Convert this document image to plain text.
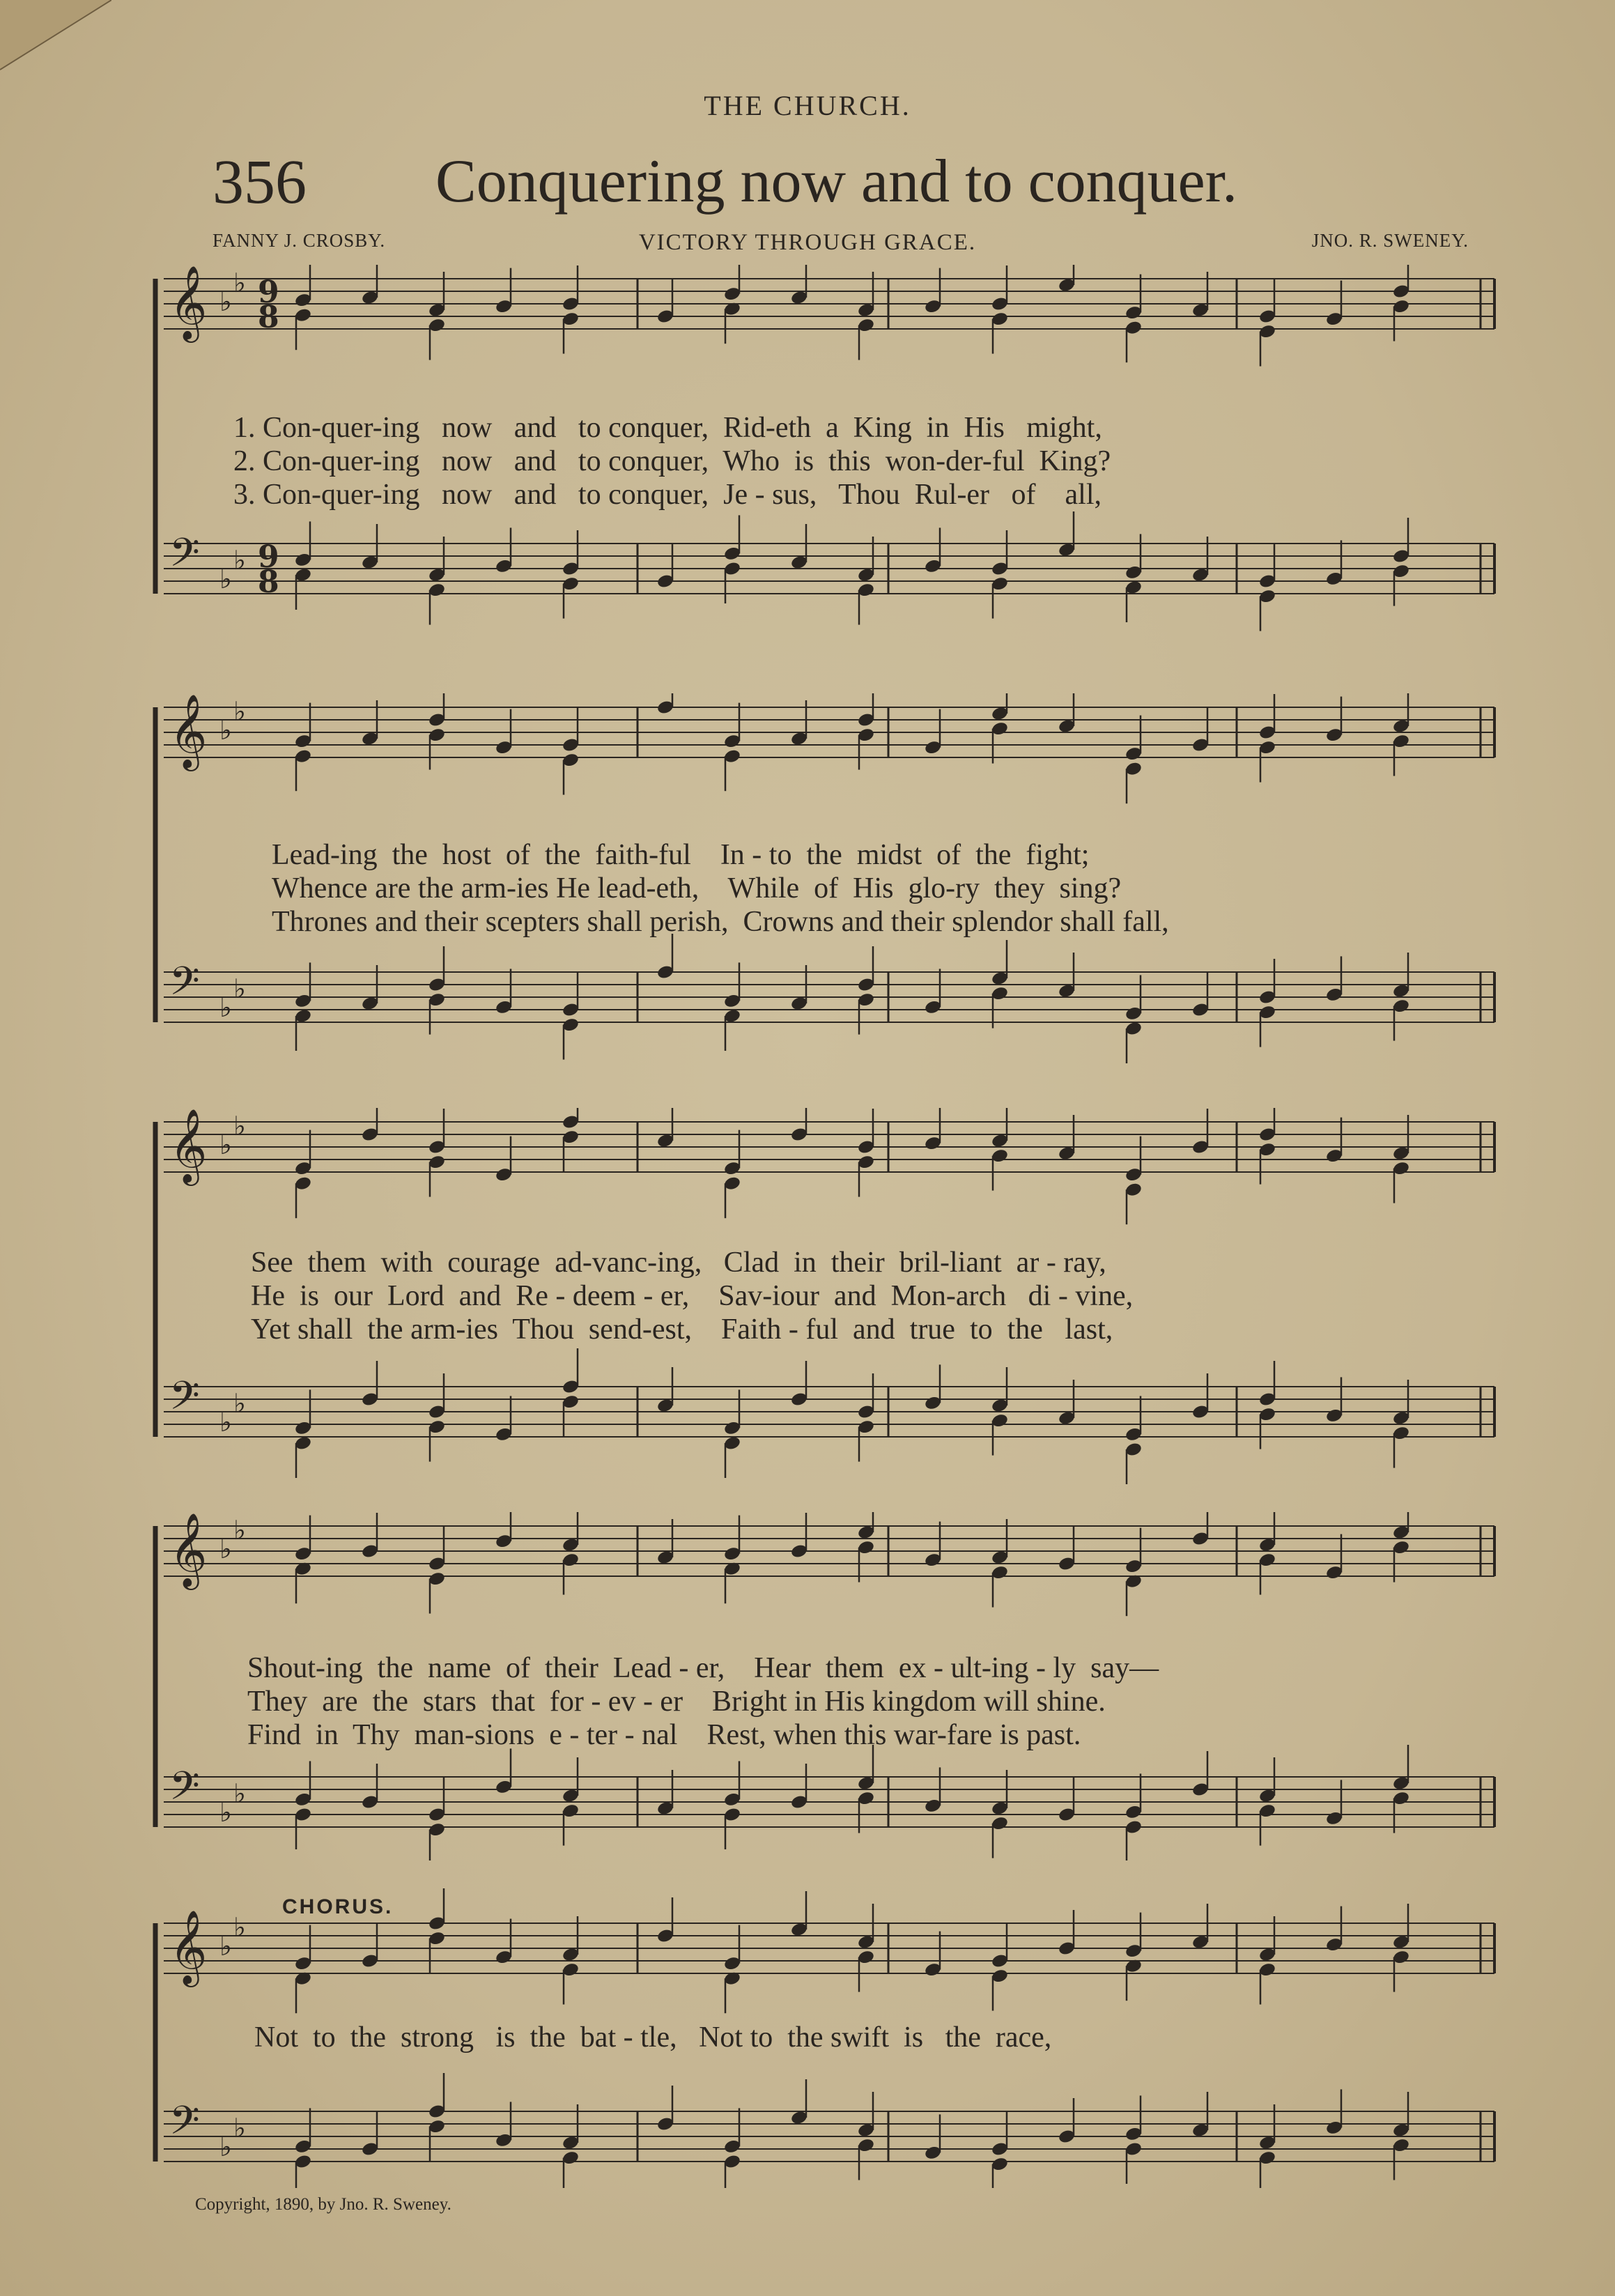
THE CHURCH.
356 Conquering now and to conquer.
FANNY J. CROSBY.	VICTORY THROUGH GRACE.	JNO. R. SWENEY.
𝄞 ♭
♭
𝄢 ♭
♭
9
8
9
8
1. Con-quer-ing   now   and   to conquer,  Rid-eth  a  King  in  His   might,
2. Con-quer-ing   now   and   to conquer,  Who  is  this  won-der-ful  King?
3. Con-quer-ing   now   and   to conquer,  Je - sus,   Thou  Rul-er   of    all,
𝄞 ♭
♭
𝄢 ♭
♭
Lead-ing  the  host  of  the  faith-ful    In - to  the  midst  of  the  fight;
Whence are the arm-ies He lead-eth,    While  of  His  glo-ry  they  sing?
Thrones and their scepters shall perish,  Crowns and their splendor shall fall,
𝄞 ♭
♭
𝄢 ♭
♭
See  them  with  courage  ad-vanc-ing,   Clad  in  their  bril-liant  ar - ray,
He  is  our  Lord  and  Re - deem - er,    Sav-iour  and  Mon-arch   di - vine,
Yet shall  the arm-ies  Thou  send-est,    Faith - ful  and  true  to  the   last,
𝄞 ♭
♭
𝄢 ♭
♭
Shout-ing  the  name  of  their  Lead - er,    Hear  them  ex - ult-ing - ly  say—
They  are  the  stars  that  for - ev - er    Bright in His kingdom will shine.
Find  in  Thy  man-sions  e - ter - nal    Rest, when this war-fare is past.
CHORUS.
𝄞 ♭
♭
𝄢 ♭
♭
Not  to  the  strong   is  the  bat - tle,   Not to  the swift  is   the  race,
Copyright, 1890, by Jno. R. Sweney.
